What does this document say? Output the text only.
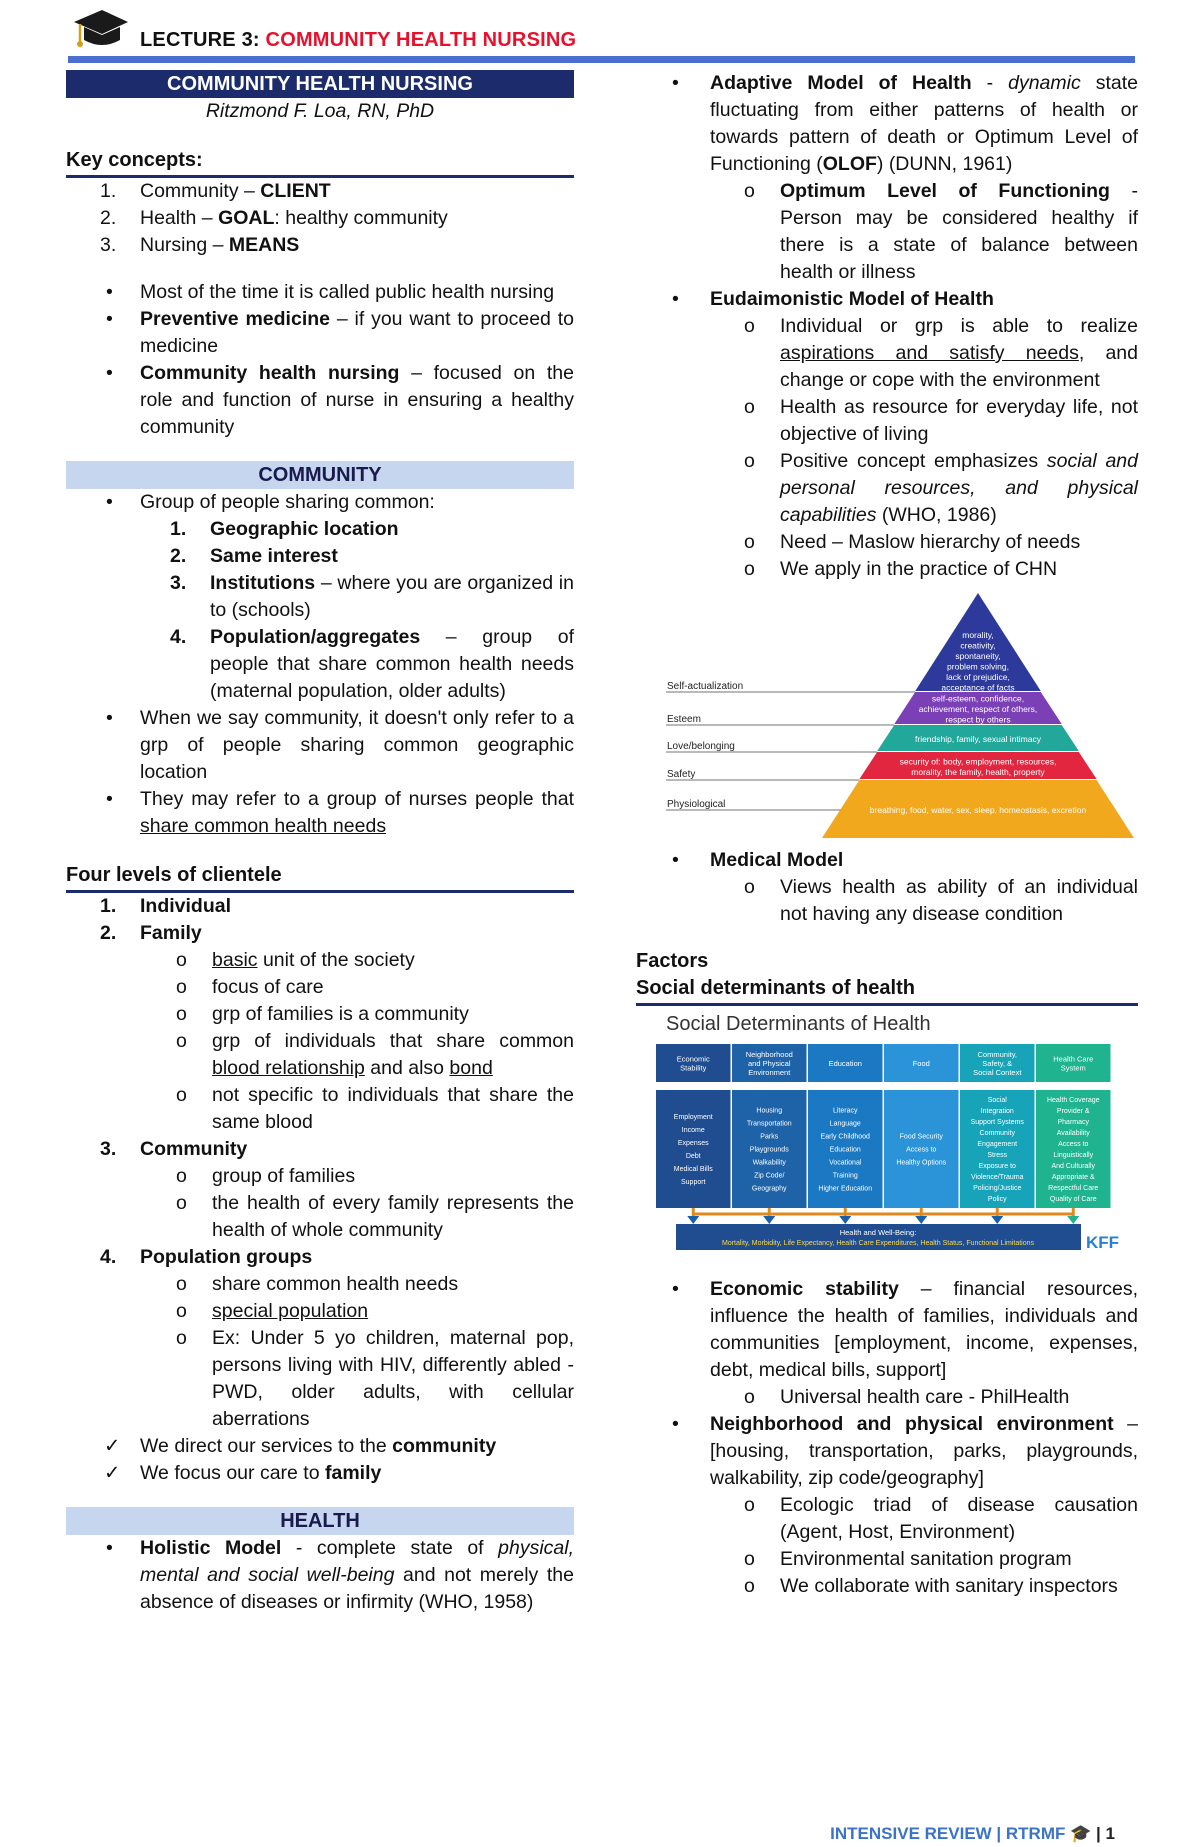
LECTURE 3: COMMUNITY HEALTH NURSING
COMMUNITY HEALTH NURSING
Ritzmond F. Loa, RN, PhD
Key concepts:
1. Community – CLIENT
2. Health – GOAL: healthy community
3. Nursing – MEANS
• Most of the time it is called public health nursing
• Preventive medicine – if you want to proceed to medicine
• Community health nursing – focused on the role and function of nurse in ensuring a healthy community
COMMUNITY
• Group of people sharing common:
1. Geographic location
2. Same interest
3. Institutions – where you are organized in to (schools)
4. Population/aggregates – group of people that share common health needs (maternal population, older adults)
• When we say community, it doesn't only refer to a grp of people sharing common geographic location
• They may refer to a group of nurses people that share common health needs
Four levels of clientele
1. Individual
2. Family
o basic unit of the society
o focus of care
o grp of families is a community
o grp of individuals that share common blood relationship and also bond
o not specific to individuals that share the same blood
3. Community
o group of families
o the health of every family represents the health of whole community
4. Population groups
o share common health needs
o special population
o Ex: Under 5 yo children, maternal pop, persons living with HIV, differently abled - PWD, older adults, with cellular aberrations
✓ We direct our services to the community
✓ We focus our care to family
HEALTH
• Holistic Model - complete state of physical, mental and social well-being and not merely the absence of diseases or infirmity (WHO, 1958)
• Adaptive Model of Health - dynamic state fluctuating from either patterns of health or towards pattern of death or Optimum Level of Functioning (OLOF) (DUNN, 1961)
o Optimum Level of Functioning - Person may be considered healthy if there is a state of balance between health or illness
• Eudaimonistic Model of Health
o Individual or grp is able to realize aspirations and satisfy needs, and change or cope with the environment
o Health as resource for everyday life, not objective of living
o Positive concept emphasizes social and personal resources, and physical capabilities (WHO, 1986)
o Need – Maslow hierarchy of needs
o We apply in the practice of CHN
morality,
creativity,
spontaneity,
problem solving,
lack of prejudice,
acceptance of facts
Self-actualization
self-esteem, confidence,
achievement, respect of others,
respect by others
Esteem
friendship, family, sexual intimacy
Love/belonging
security of: body, employment, resources,
morality, the family, health, property
Safety
breathing, food, water, sex, sleep, homeostasis, excretion
Physiological
• Medical Model
o Views health as ability of an individual not having any disease condition
Factors
Social determinants of health
Social Determinants of Health
Economic
Stability
Employment
Income
Expenses
Debt
Medical Bills
Support
Neighborhood
and Physical
Environment
Housing
Transportation
Parks
Playgrounds
Walkability
Zip Code/
Geography
Education
Literacy
Language
Early Childhood
Education
Vocational
Training
Higher Education
Food
Food Security
Access to
Healthy Options
Community,
Safety, &
Social Context
Social
Integration
Support Systems
Community
Engagement
Stress
Exposure to
Violence/Trauma
Policing/Justice
Policy
Health Care
System
Health Coverage
Provider &
Pharmacy
Availability
Access to
Linguistically
And Culturally
Appropriate &
Respectful Care
Quality of Care
Health and Well-Being:
Mortality, Morbidity, Life Expectancy, Health Care Expenditures, Health Status, Functional Limitations	KFF
• Economic stability – financial resources, influence the health of families, individuals and communities [employment, income, expenses, debt, medical bills, support]
o Universal health care - PhilHealth
• Neighborhood and physical environment – [housing, transportation, parks, playgrounds, walkability, zip code/geography]
o Ecologic triad of disease causation (Agent, Host, Environment)
o Environmental sanitation program
o We collaborate with sanitary inspectors
INTENSIVE REVIEW | RTRMF 🎓 | 1
